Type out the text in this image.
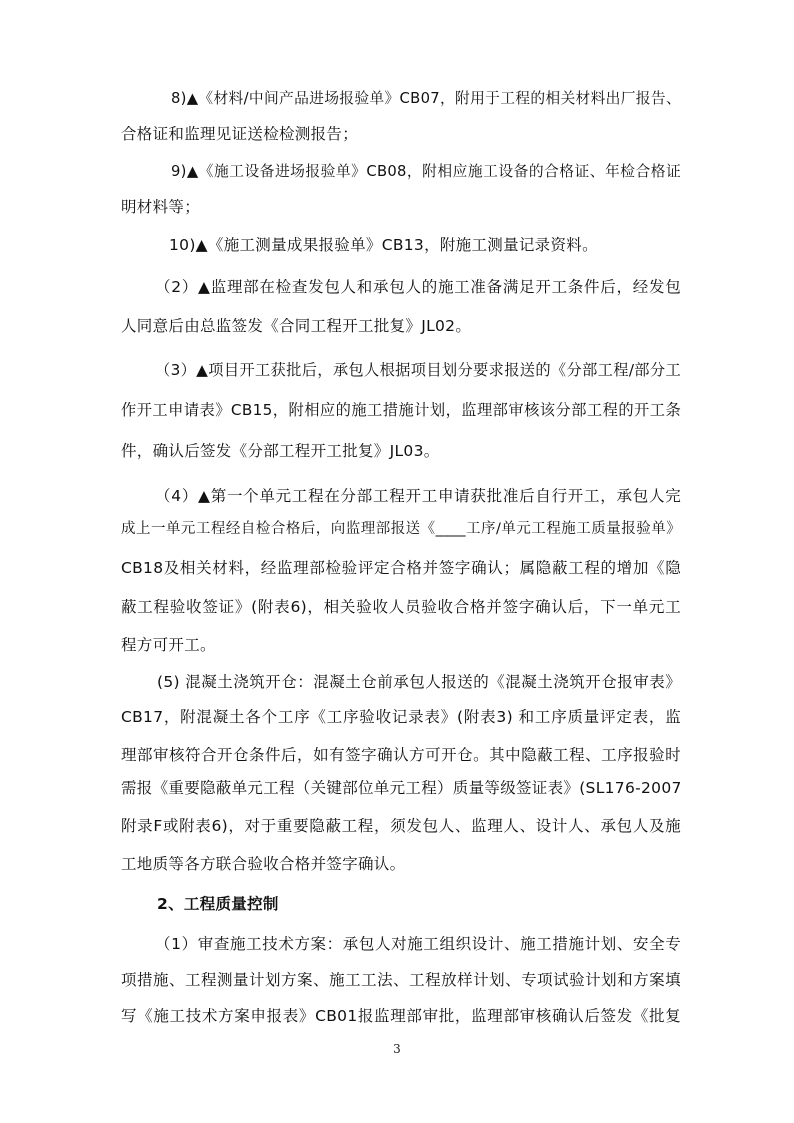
8)▲《材料/中间产品进场报验单》CB07，附用于工程的相关材料出厂报告、
合格证和监理见证送检检测报告；
9)▲《施工设备进场报验单》CB08，附相应施工设备的合格证、年检合格证
明材料等；
10)▲《施工测量成果报验单》CB13，附施工测量记录资料。
（2）▲监理部在检查发包人和承包人的施工准备满足开工条件后，经发包
人同意后由总监签发《合同工程开工批复》JL02。
（3）▲项目开工获批后，承包人根据项目划分要求报送的《分部工程/部分工
作开工申请表》CB15，附相应的施工措施计划，监理部审核该分部工程的开工条
件，确认后签发《分部工程开工批复》JL03。
（4）▲第一个单元工程在分部工程开工申请获批准后自行开工，承包人完
成上一单元工程经自检合格后，向监理部报送《____工序/单元工程施工质量报验单》
CB18及相关材料，经监理部检验评定合格并签字确认；属隐蔽工程的增加《隐
蔽工程验收签证》(附表6)，相关验收人员验收合格并签字确认后，下一单元工
程方可开工。
(5) 混凝土浇筑开仓：混凝土仓前承包人报送的《混凝土浇筑开仓报审表》
CB17，附混凝土各个工序《工序验收记录表》(附表3) 和工序质量评定表，监
理部审核符合开仓条件后，如有签字确认方可开仓。其中隐蔽工程、工序报验时
需报《重要隐蔽单元工程（关键部位单元工程）质量等级签证表》(SL176-2007
附录F或附表6)，对于重要隐蔽工程，须发包人、监理人、设计人、承包人及施
工地质等各方联合验收合格并签字确认。
2、工程质量控制
（1）审查施工技术方案：承包人对施工组织设计、施工措施计划、安全专
项措施、工程测量计划方案、施工工法、工程放样计划、专项试验计划和方案填
写《施工技术方案申报表》CB01报监理部审批，监理部审核确认后签发《批复
3
